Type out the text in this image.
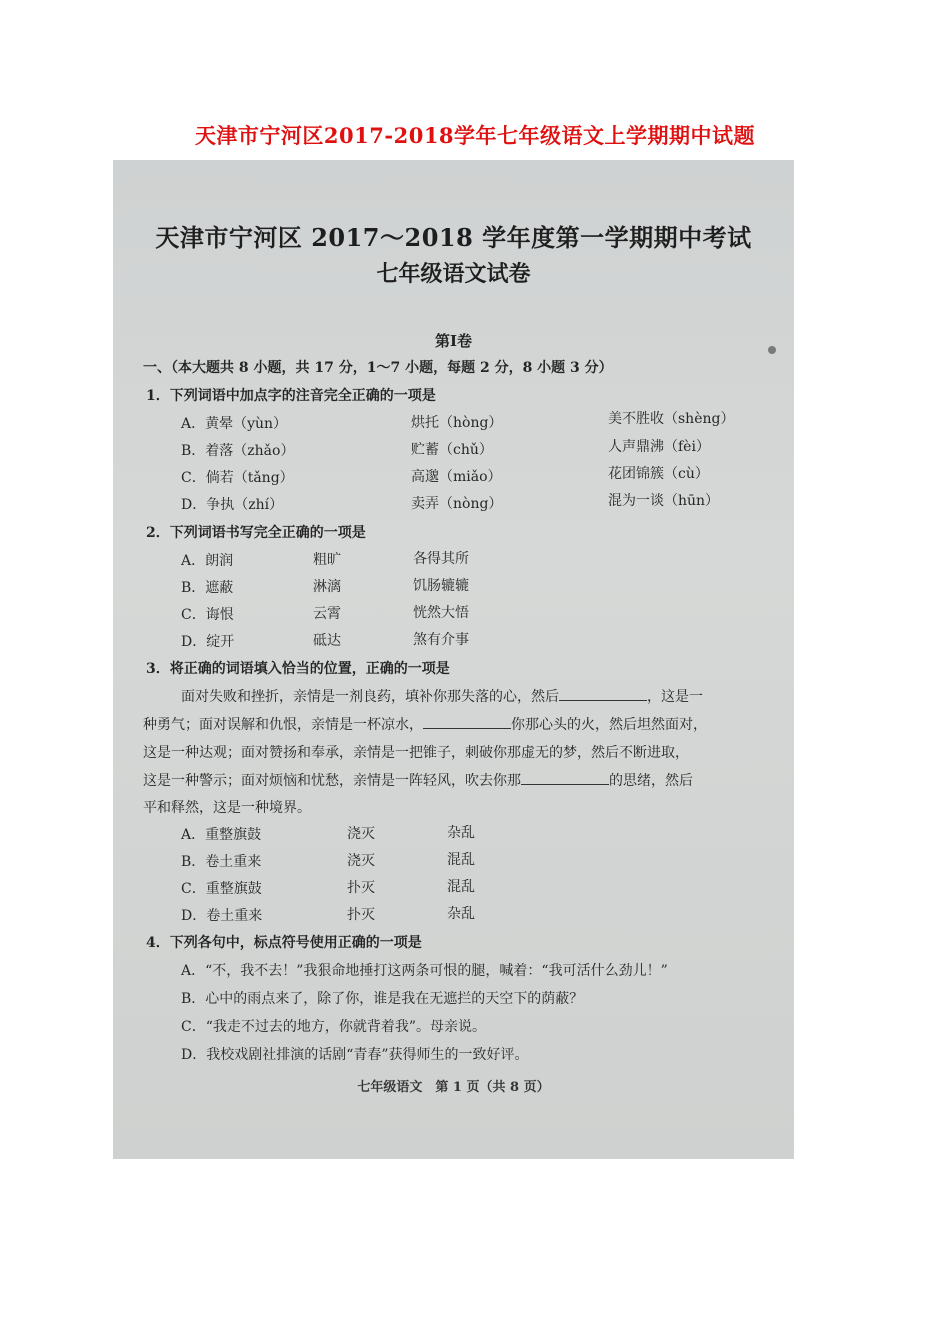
天津市宁河区2017-2018学年七年级语文上学期期中试题

天津市宁河区 2017～2018 学年度第一学期期中考试
七年级语文试卷
第Ⅰ卷
一、（本大题共 8 小题，共 17 分，1～7 小题，每题 2 分，8 小题 3 分）
1．下列词语中加点字的注音完全正确的一项是
A．黄晕（yùn）	烘托（hòng）	美不胜收（shèng）
B．着落（zhǎo）	贮蓄（chǔ）	人声鼎沸（fèi）
C．倘若（tǎng）	高邈（miǎo）	花团锦簇（cù）
D．争执（zhí）	卖弄（nòng）	混为一谈（hūn）
2．下列词语书写完全正确的一项是
A．朗润	粗旷	各得其所
B．遮蔽	淋漓	饥肠辘辘
C．诲恨	云霄	恍然大悟
D．绽开	砥达	煞有介事
3．将正确的词语填入恰当的位置，正确的一项是
面对失败和挫折，亲情是一剂良药，填补你那失落的心，然后	，这是一
种勇气；面对误解和仇恨，亲情是一杯凉水，	你那心头的火，然后坦然面对，
这是一种达观；面对赞扬和奉承，亲情是一把锥子，刺破你那虚无的梦，然后不断进取，
这是一种警示；面对烦恼和忧愁，亲情是一阵轻风，吹去你那	的思绪，然后
平和释然，这是一种境界。
A．重整旗鼓	浇灭	杂乱
B．卷土重来	浇灭	混乱
C．重整旗鼓	扑灭	混乱
D．卷土重来	扑灭	杂乱
4．下列各句中，标点符号使用正确的一项是
A．“不，我不去！”我狠命地捶打这两条可恨的腿，喊着：“我可活什么劲儿！”
B．心中的雨点来了，除了你，谁是我在无遮拦的天空下的荫蔽？
C．“我走不过去的地方，你就背着我”。母亲说。
D．我校戏剧社排演的话剧“青春”获得师生的一致好评。
七年级语文　第 1 页（共 8 页）
